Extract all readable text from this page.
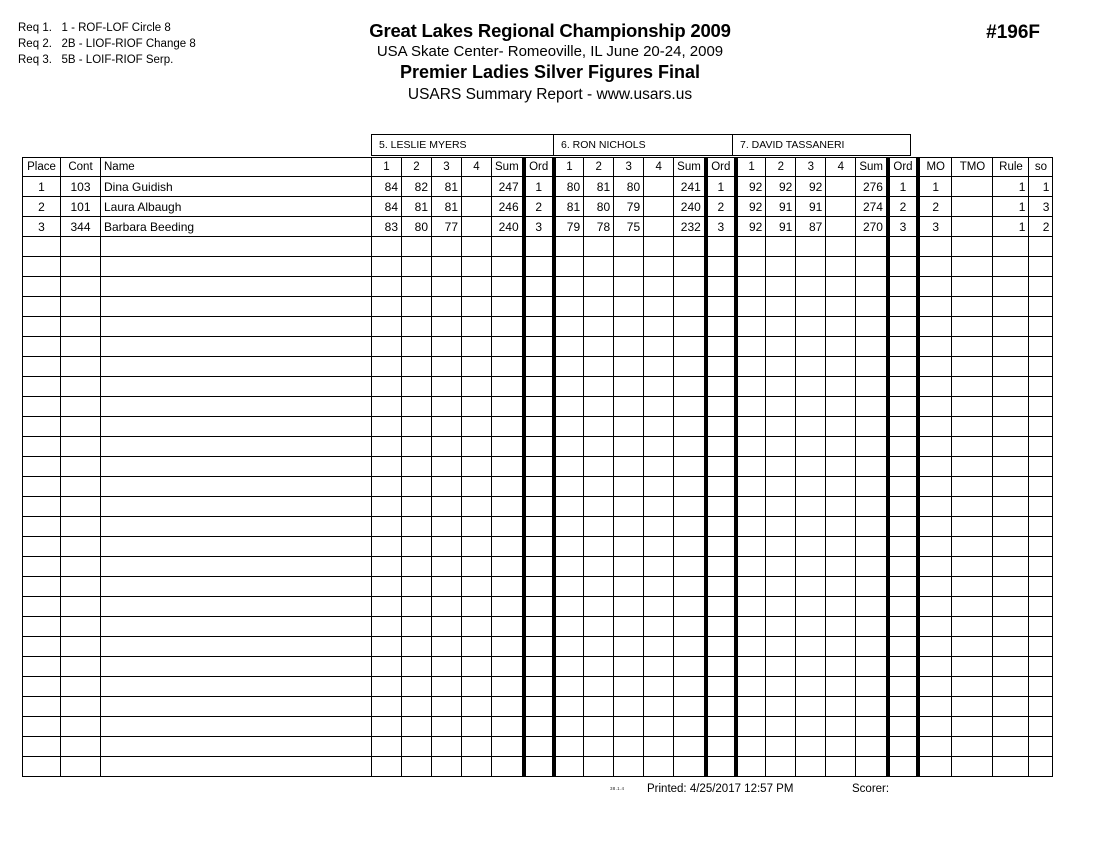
Req 1. 1 - ROF-LOF Circle 8
Req 2. 2B - LIOF-RIOF Change 8
Req 3. 5B - LOIF-RIOF Serp.
Great Lakes Regional Championship 2009
USA Skate Center- Romeoville, IL June 20-24, 2009
Premier Ladies Silver Figures Final
USARS Summary Report - www.usars.us
#196F
5. LESLIE MYERS	6. RON NICHOLS	7. DAVID TASSANERI
Place	Cont	Name	1	2	3	4	Sum	Ord	1	2	3	4	Sum	Ord	1	2	3	4	Sum	Ord	MO	TMO	Rule	so
1	103	Dina Guidish	84	82	81		247	1	80	81	80		241	1	92	92	92		276	1	1		1	1
2	101	Laura Albaugh	84	81	81		246	2	81	80	79		240	2	92	91	91		274	2	2		1	3
3	344	Barbara Beeding	83	80	77		240	3	79	78	75		232	3	92	91	87		270	3	3		1	2

38.1.4 Printed: 4/25/2017 12:57 PM	Scorer:
